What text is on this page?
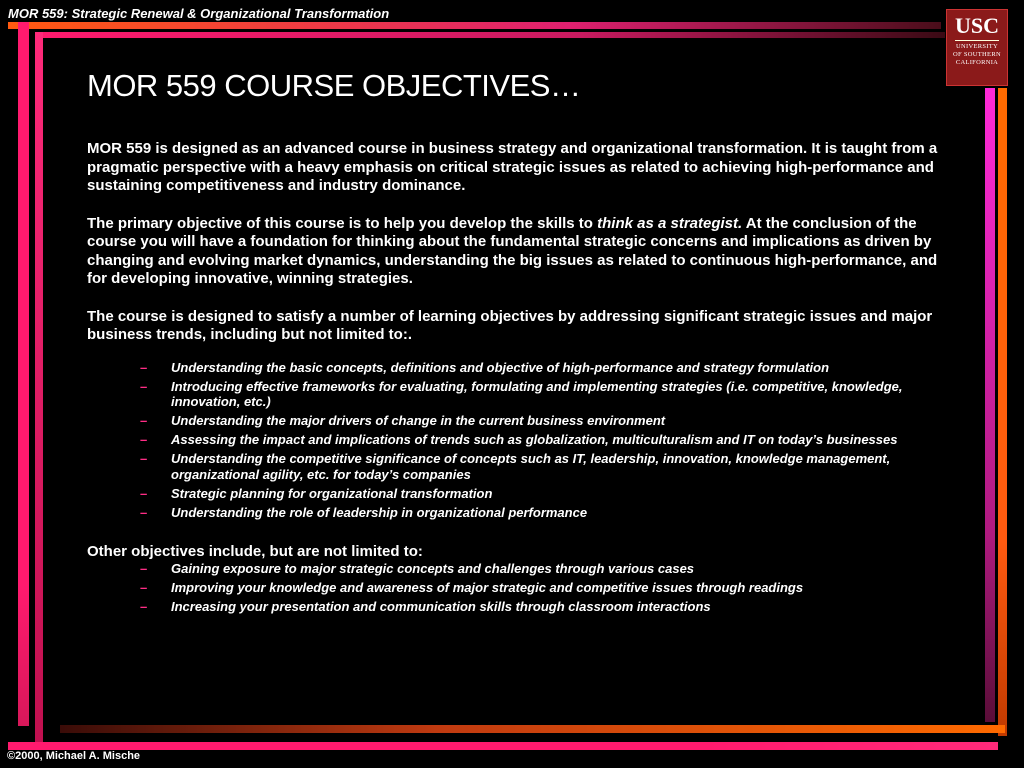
MOR 559: Strategic Renewal & Organizational Transformation	USC
UNIVERSITY
OF SOUTHERN
CALIFORNIA
MOR 559 COURSE OBJECTIVES…

MOR 559 is designed as an advanced course in business strategy and organizational transformation. It is taught from a pragmatic perspective with a heavy emphasis on critical strategic issues as related to achieving high-performance and sustaining competitiveness and industry dominance.

The primary objective of this course is to help you develop the skills to think as a strategist. At the conclusion of the course you will have a foundation for thinking about the fundamental strategic concerns and implications as driven by changing and evolving market dynamics, understanding the big issues as related to continuous high-performance, and for developing innovative, winning strategies.

The course is designed to satisfy a number of learning objectives by addressing significant strategic issues and major business trends, including but not limited to:.

– Understanding the basic concepts, definitions and objective of high-performance and strategy formulation
– Introducing effective frameworks for evaluating, formulating and implementing strategies (i.e. competitive, knowledge, innovation, etc.)
– Understanding the major drivers of change in the current business environment
– Assessing the impact and implications of trends such as globalization, multiculturalism and IT on today’s businesses
– Understanding the competitive significance of concepts such as IT, leadership, innovation, knowledge management, organizational agility, etc. for today’s companies
– Strategic planning for organizational transformation
– Understanding the role of leadership in organizational performance

Other objectives include, but are not limited to:

– Gaining exposure to major strategic concepts and challenges through various cases
– Improving your knowledge and awareness of major strategic and competitive issues through readings
– Increasing your presentation and communication skills through classroom interactions
©2000, Michael A. Mische
